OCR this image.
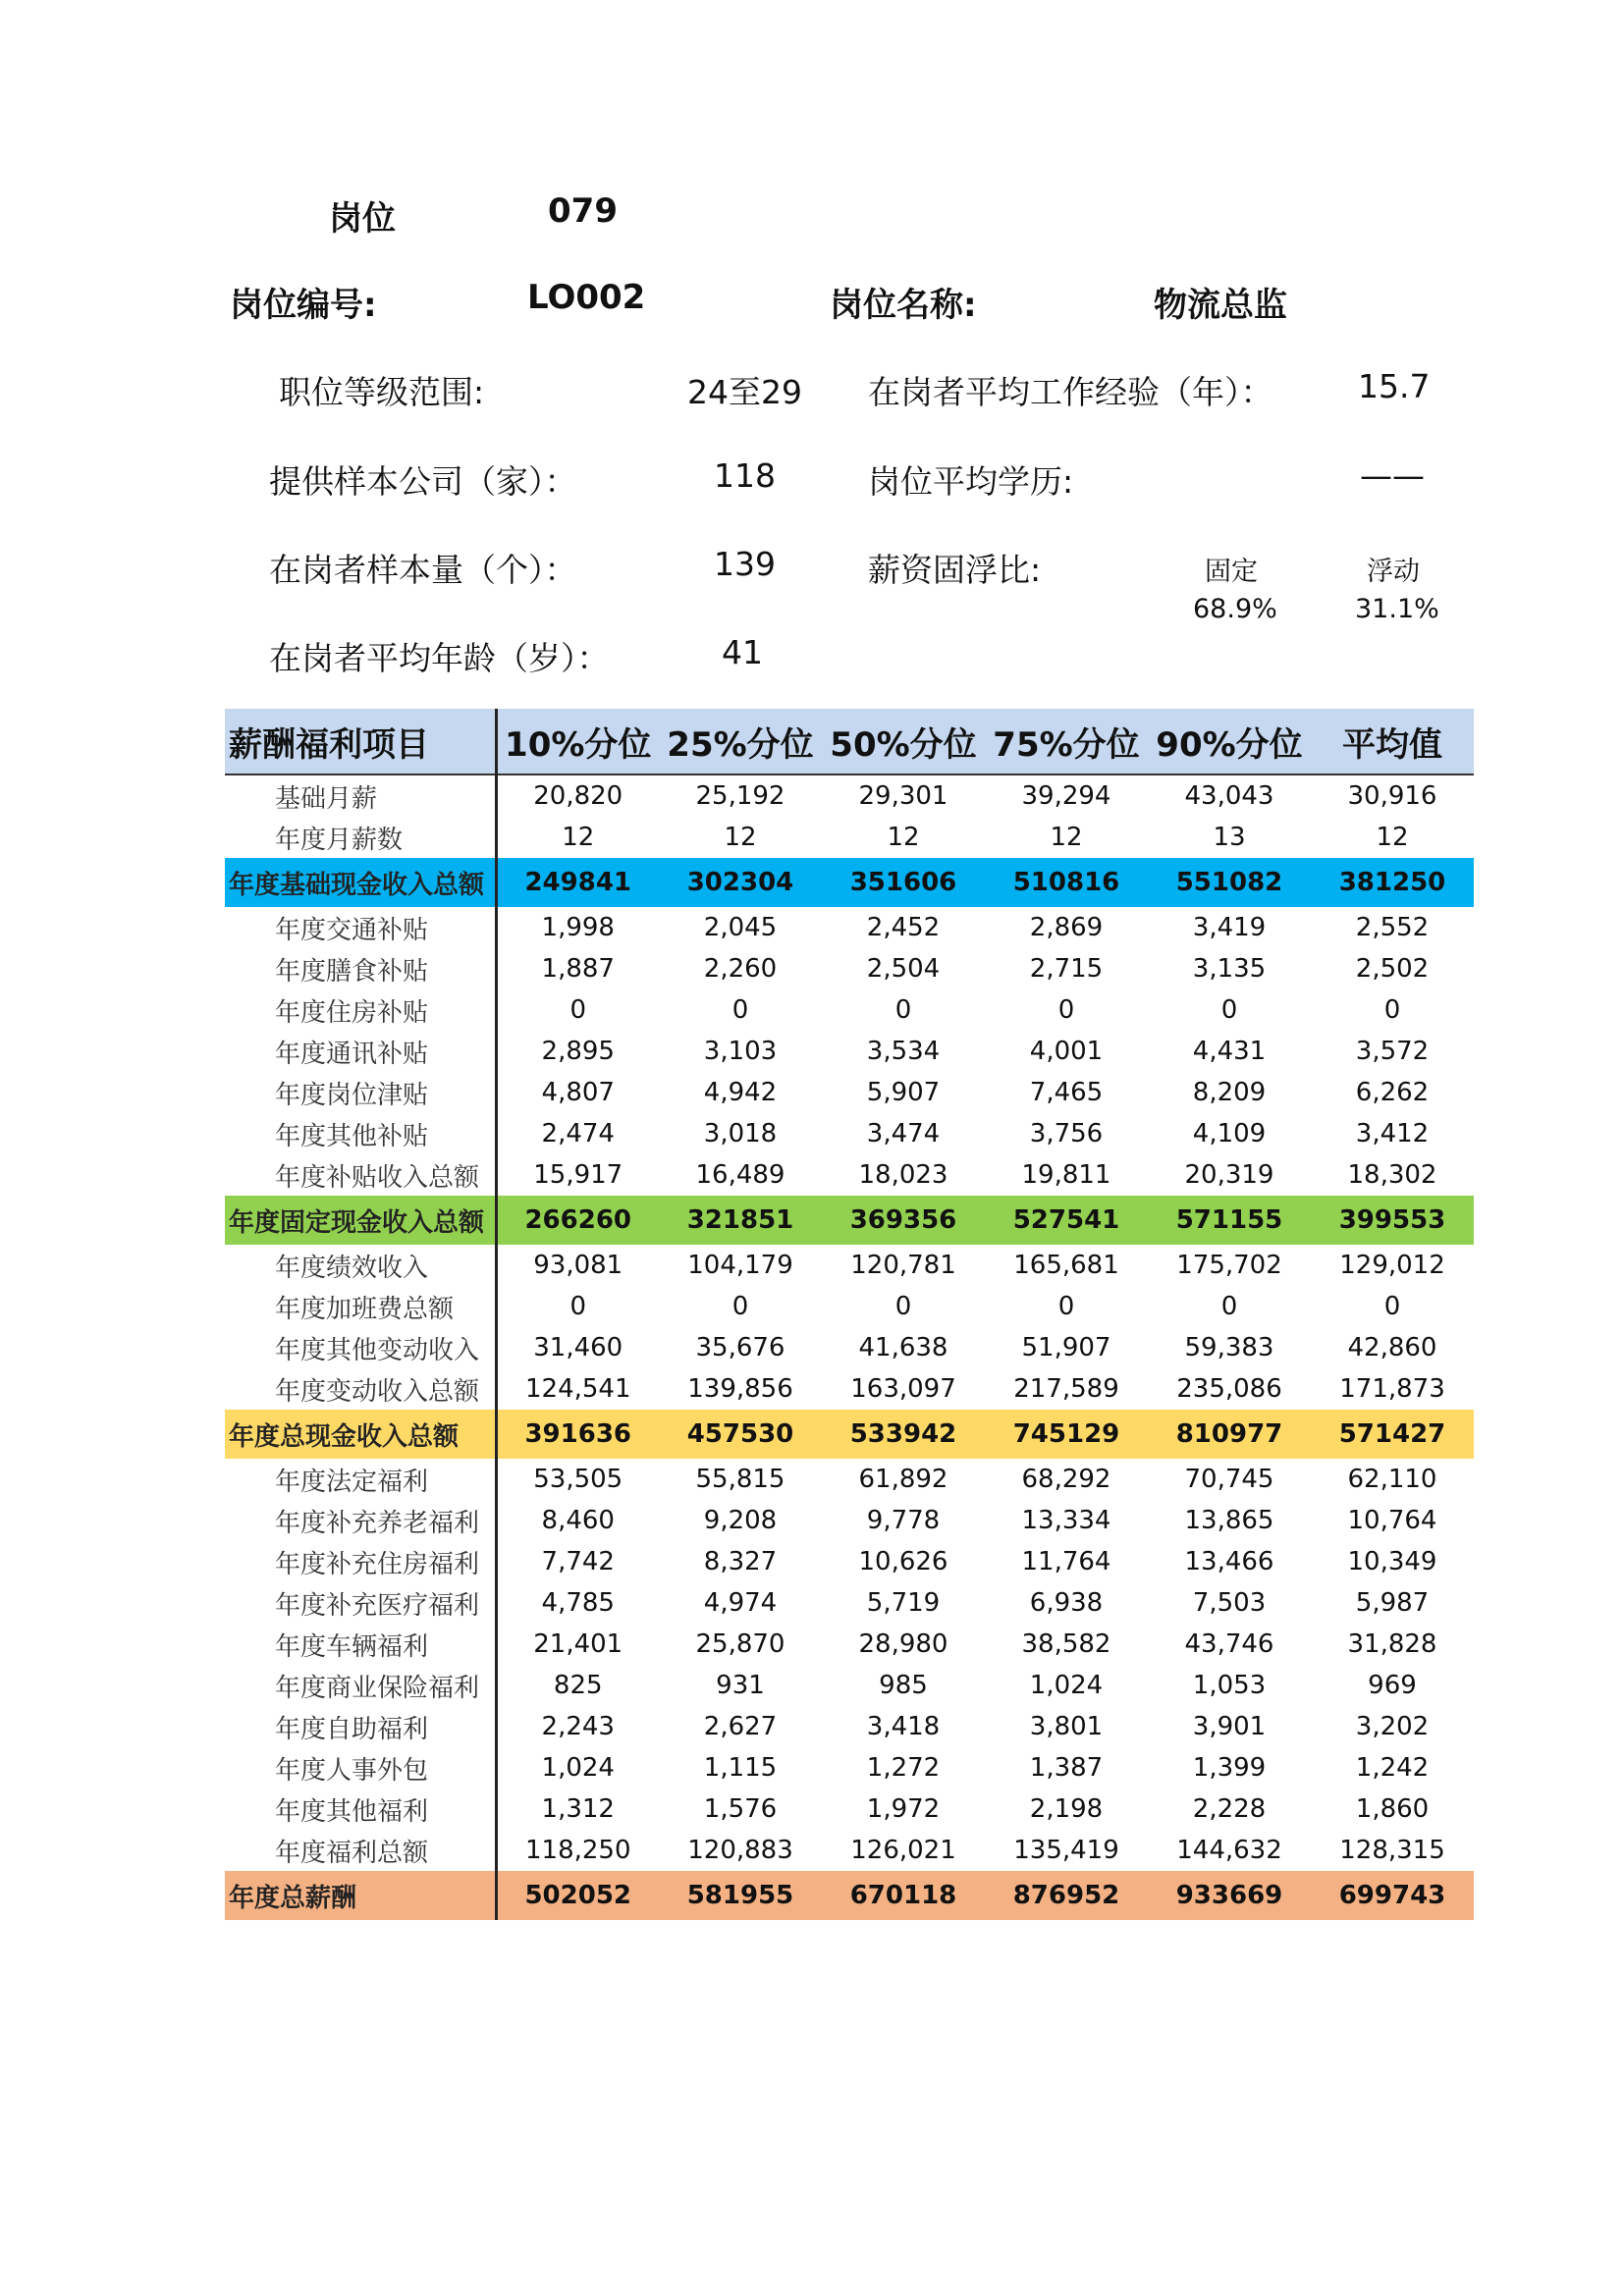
岗位	079
岗位编号:	LO002	岗位名称:	物流总监
职位等级范围:	24至29 在岗者平均工作经验（年）：	15.7
提供样本公司（家）：	118	岗位平均学历:	——
在岗者样本量（个）：	139	薪资固浮比:	固定	浮动
68.9%	31.1%
在岗者平均年龄（岁）：	41
薪酬福利项目	10%分位	25%分位	50%分位	75%分位	90%分位	平均值
基础月薪	20,820	25,192	29,301	39,294	43,043	30,916
年度月薪数	12	12	12	12	13	12
年度基础现金收入总额	249841	302304	351606	510816	551082	381250
年度交通补贴	1,998	2,045	2,452	2,869	3,419	2,552
年度膳食补贴	1,887	2,260	2,504	2,715	3,135	2,502
年度住房补贴	0	0	0	0	0	0
年度通讯补贴	2,895	3,103	3,534	4,001	4,431	3,572
年度岗位津贴	4,807	4,942	5,907	7,465	8,209	6,262
年度其他补贴	2,474	3,018	3,474	3,756	4,109	3,412
年度补贴收入总额	15,917	16,489	18,023	19,811	20,319	18,302
年度固定现金收入总额	266260	321851	369356	527541	571155	399553
年度绩效收入	93,081	104,179	120,781	165,681	175,702	129,012
年度加班费总额	0	0	0	0	0	0
年度其他变动收入	31,460	35,676	41,638	51,907	59,383	42,860
年度变动收入总额	124,541	139,856	163,097	217,589	235,086	171,873
年度总现金收入总额	391636	457530	533942	745129	810977	571427
年度法定福利	53,505	55,815	61,892	68,292	70,745	62,110
年度补充养老福利	8,460	9,208	9,778	13,334	13,865	10,764
年度补充住房福利	7,742	8,327	10,626	11,764	13,466	10,349
年度补充医疗福利	4,785	4,974	5,719	6,938	7,503	5,987
年度车辆福利	21,401	25,870	28,980	38,582	43,746	31,828
年度商业保险福利	825	931	985	1,024	1,053	969
年度自助福利	2,243	2,627	3,418	3,801	3,901	3,202
年度人事外包	1,024	1,115	1,272	1,387	1,399	1,242
年度其他福利	1,312	1,576	1,972	2,198	2,228	1,860
年度福利总额	118,250	120,883	126,021	135,419	144,632	128,315
年度总薪酬	502052	581955	670118	876952	933669	699743
